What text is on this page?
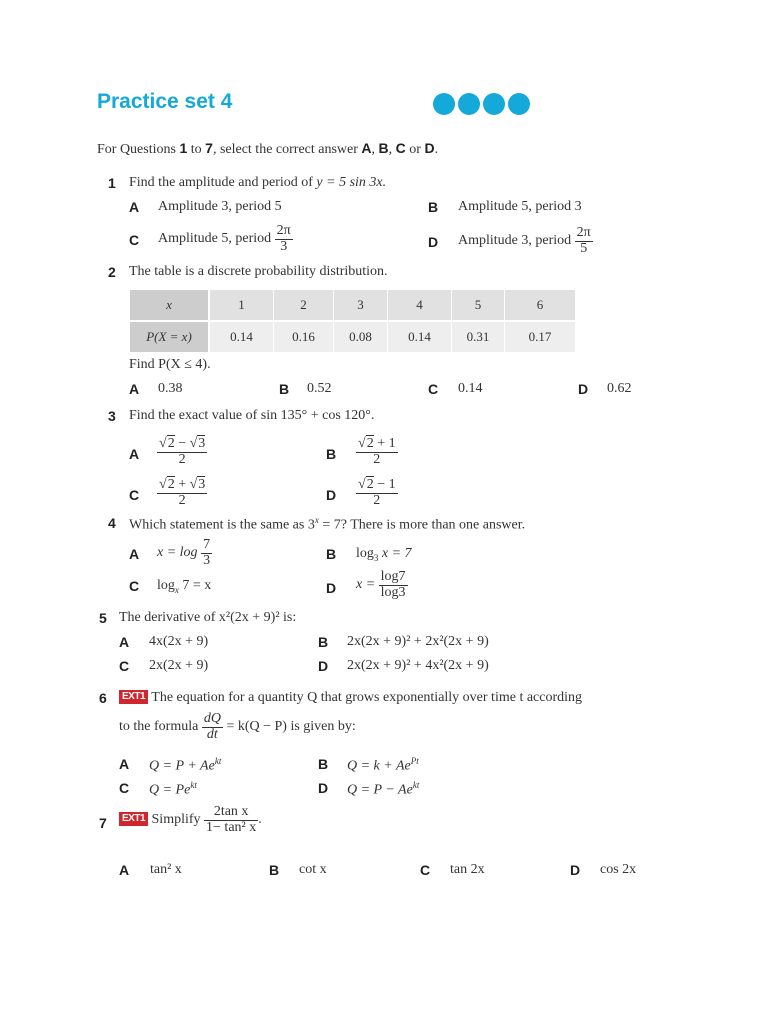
Practice set 4
For Questions 1 to 7, select the correct answer A, B, C or D.
1 Find the amplitude and period of y = 5 sin 3x.
A Amplitude 3, period 5	B Amplitude 5, period 3
C Amplitude 5, period $\frac{2\pi}{3}$	D Amplitude 3, period $\frac{2\pi}{5}$
2 The table is a discrete probability distribution.
x	1	2	3	4	5	6
P(X = x)	0.14	0.16	0.08	0.14	0.31	0.17
Find P(X ≤ 4).
A 0.38	B 0.52	C 0.14	D 0.62
3 Find the exact value of sin 135° + cos 120°.
A $\frac{√2 - √3}{2}$	B $\frac{√2 + 1}{2}$
C $\frac{√2 + √3}{2}$	D $\frac{√2 - 1}{2}$
4 Which statement is the same as $3^x = 7$? There is more than one answer.
A $x = \log \frac{7}{3}$	B $\log_3 x = 7$
C $\log_x 7 = x$	D $x = \frac{\log 7}{\log 3}$
5 The derivative of x²(2x + 9)² is:
A 4x(2x + 9)	B 2x(2x + 9)² + 2x²(2x + 9)
C 2x(2x + 9)	D 2x(2x + 9)² + 4x²(2x + 9)
6	EXT1 The equation for a quantity Q that grows exponentially over time t according
to the formula $\frac{dQ}{dt} = k(Q - P)$ is given by:
A $Q = P + Ae^{kt}$	B $Q = k + Ae^{Pt}$
C $Q = Pe^{kt}$	D $Q = P - Ae^{kt}$
7	EXT1 Simplify $\frac{\text{2tan x}}{\text{1− tan² x}}$ .
A tan² x	B cot x	C tan 2x	D cos 2x
